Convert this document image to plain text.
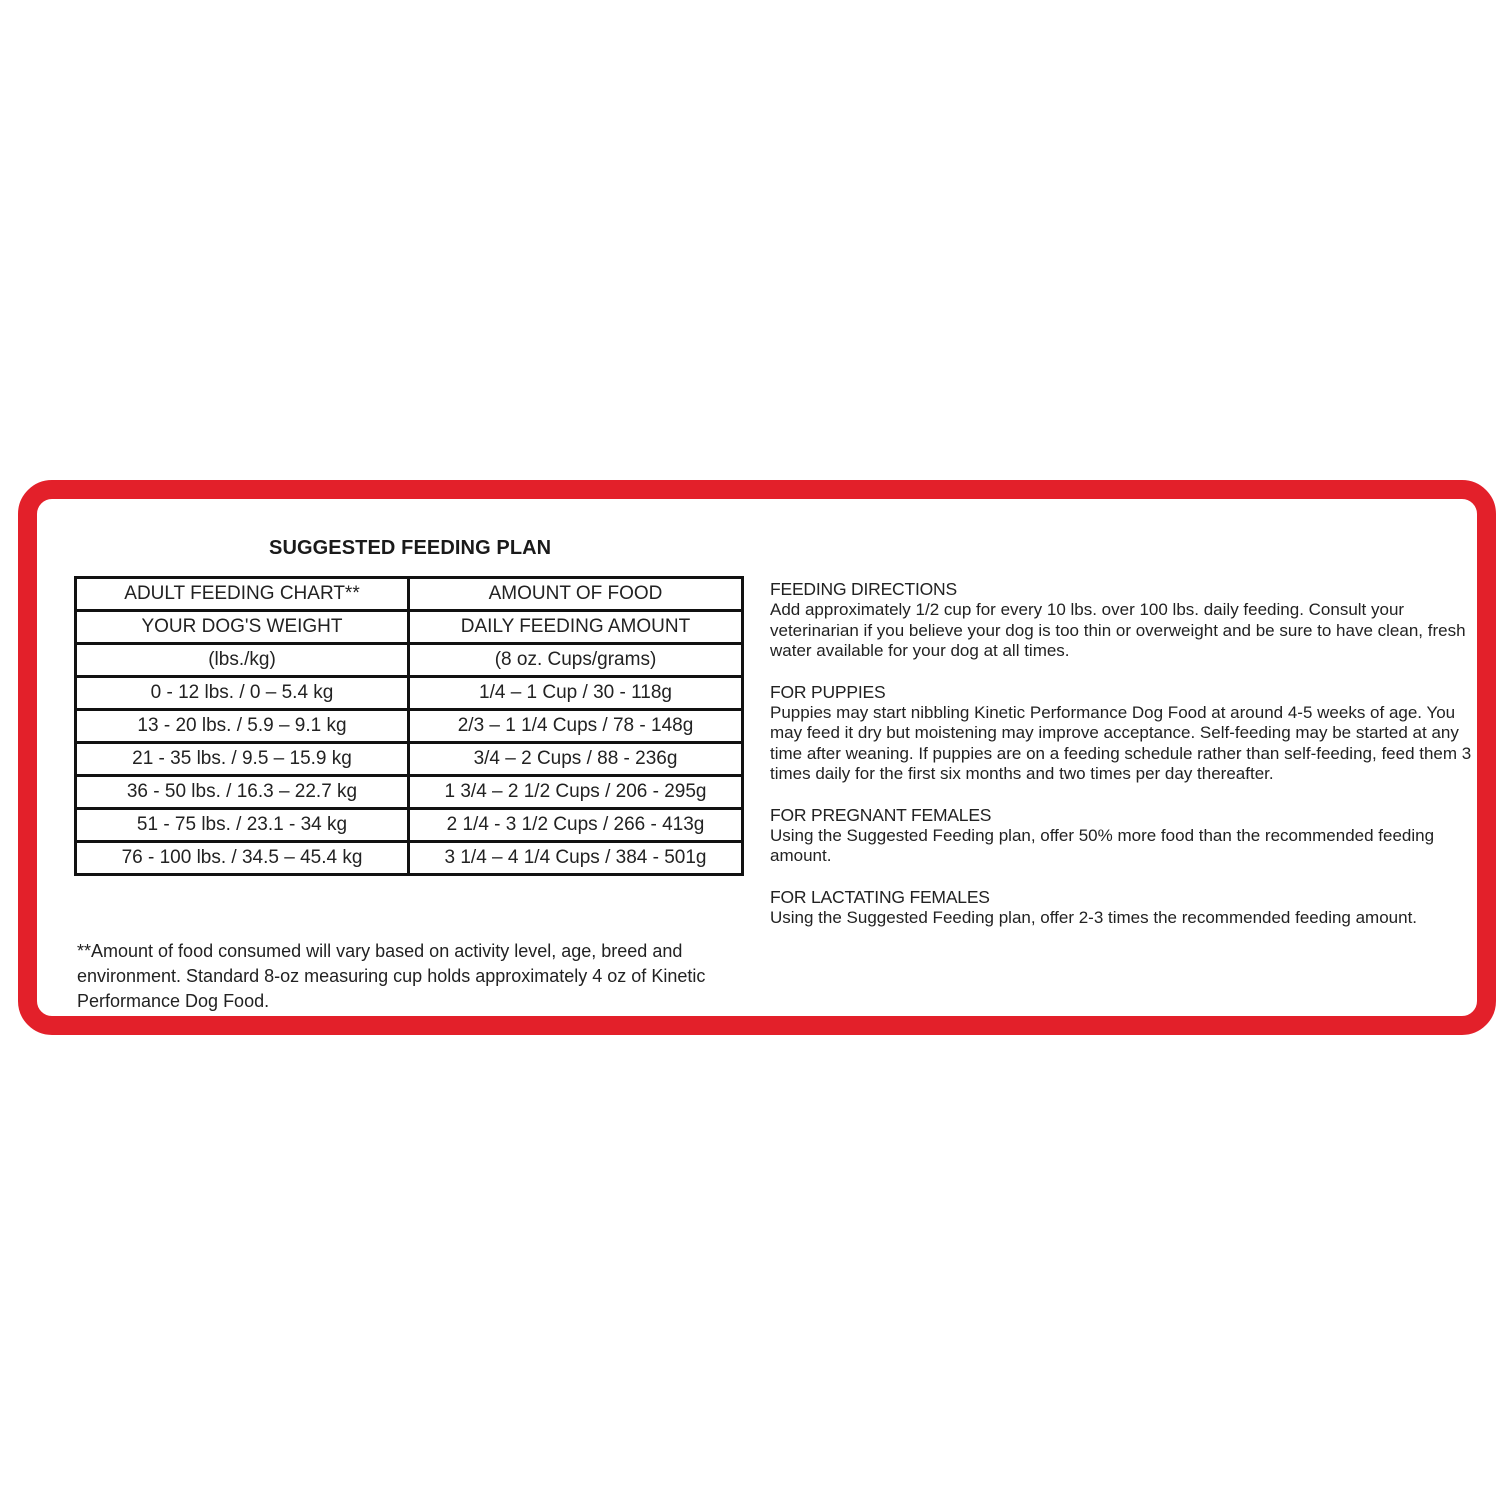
SUGGESTED FEEDING PLAN
ADULT FEEDING CHART**	AMOUNT OF FOOD
YOUR DOG'S WEIGHT	DAILY FEEDING AMOUNT
(lbs./kg)	(8 oz. Cups/grams)
0 - 12 lbs. / 0 – 5.4 kg	1/4 – 1 Cup / 30 - 118g
13 - 20 lbs. / 5.9 – 9.1 kg	2/3 – 1 1/4 Cups / 78 - 148g
21 - 35 lbs. / 9.5 – 15.9 kg	3/4 – 2 Cups / 88 - 236g
36 - 50 lbs. / 16.3 – 22.7 kg	1 3/4 – 2 1/2 Cups / 206 - 295g
51 - 75 lbs. / 23.1 - 34 kg	2 1/4 - 3 1/2 Cups / 266 - 413g
76 - 100 lbs. / 34.5 – 45.4 kg	3 1/4 – 4 1/4 Cups / 384 - 501g
**Amount of food consumed will vary based on activity level, age, breed and environment. Standard 8-oz measuring cup holds approximately 4 oz of Kinetic Performance Dog Food.
FEEDING DIRECTIONS

Add approximately 1/2 cup for every 10 lbs. over 100 lbs. daily feeding. Consult your veterinarian if you believe your dog is too thin or overweight and be sure to have clean, fresh water available for your dog at all times.

FOR PUPPIES

Puppies may start nibbling Kinetic Performance Dog Food at around 4-5 weeks of age. You may feed it dry but moistening may improve acceptance. Self-feeding may be started at any time after weaning. If puppies are on a feeding schedule rather than self-feeding, feed them 3 times daily for the first six months and two times per day thereafter.

FOR PREGNANT FEMALES

Using the Suggested Feeding plan, offer 50% more food than the recommended feeding amount.

FOR LACTATING FEMALES

Using the Suggested Feeding plan, offer 2-3 times the recommended feeding amount.
